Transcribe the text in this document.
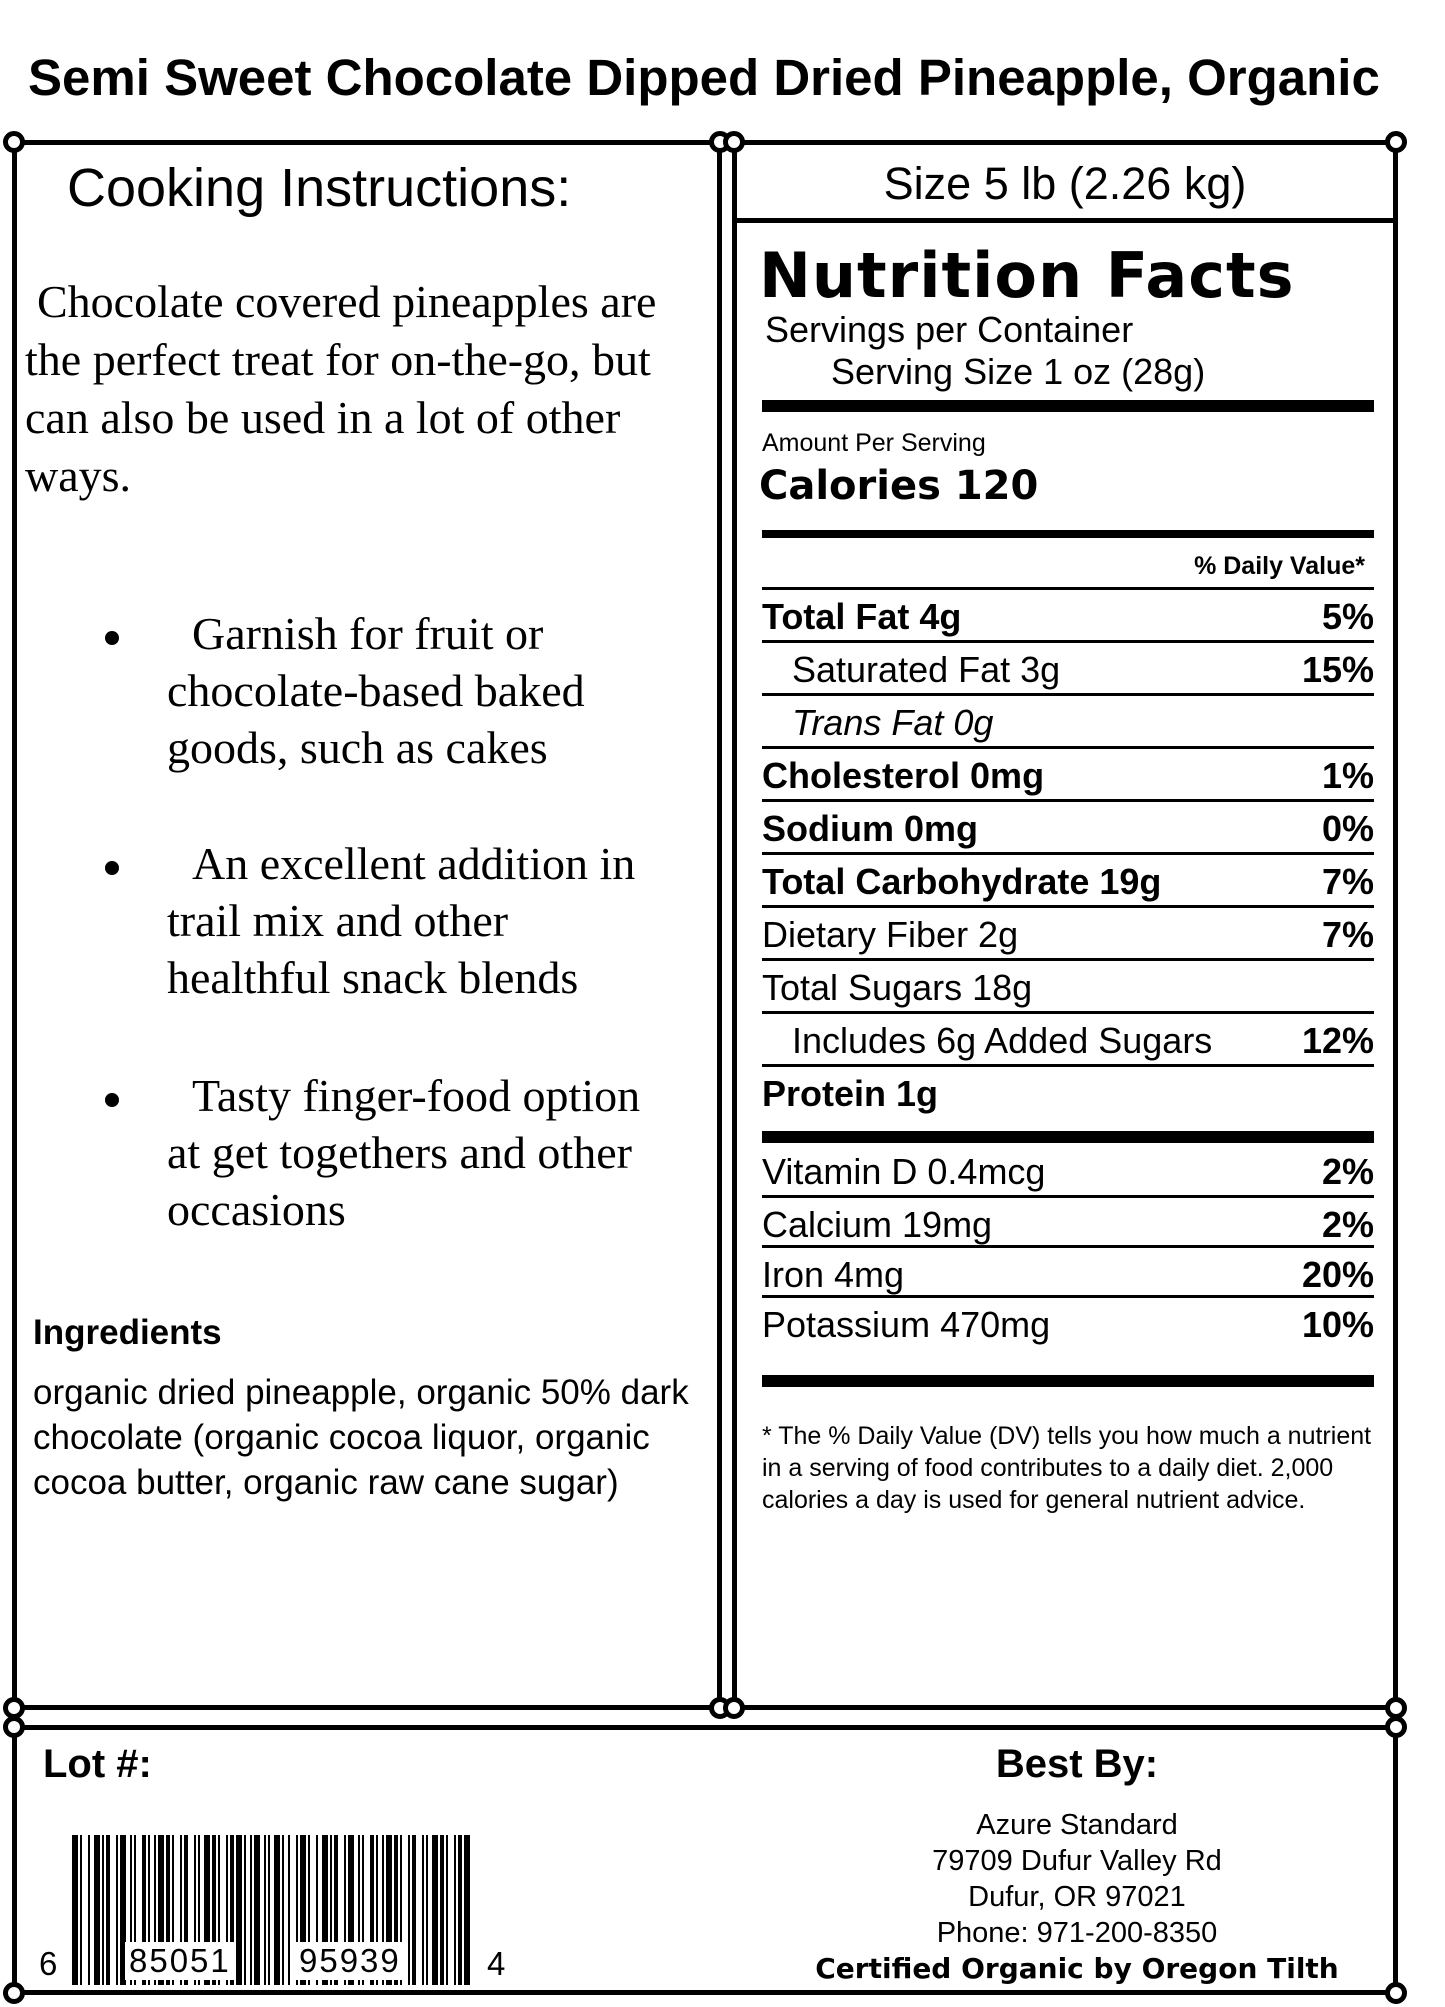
Semi Sweet Chocolate Dipped Dried Pineapple, Organic
Cooking Instructions:
Chocolate covered pineapples are
the perfect treat for on-the-go, but
can also be used in a lot of other
ways.
Garnish for fruit or
chocolate-based baked
goods, such as cakes
An excellent addition in
trail mix and other
healthful snack blends
Tasty finger-food option
at get togethers and other
occasions
Ingredients
organic dried pineapple, organic 50% dark chocolate (organic cocoa liquor, organic cocoa butter, organic raw cane sugar)
Size 5 lb (2.26 kg)
Nutrition Facts
Servings per Container
Serving Size 1 oz (28g)
Amount Per Serving
Calories 120
% Daily Value*
Total Fat 4g	5%
Saturated Fat 3g	15%
Trans Fat 0g
Cholesterol 0mg	1%
Sodium 0mg	0%
Total Carbohydrate 19g	7%
Dietary Fiber 2g	7%
Total Sugars 18g
Includes 6g Added Sugars 12%
Protein 1g
Vitamin D 0.4mcg	2%
Calcium 19mg	2%
Iron 4mg	20%
Potassium 470mg	10%
* The % Daily Value (DV) tells you how much a nutrient in a serving of food contributes to a daily diet. 2,000 calories a day is used for general nutrient advice.
Lot #:
6 85051 95939	4
Best By:
Azure Standard
79709 Dufur Valley Rd
Dufur, OR 97021
Phone: 971-200-8350
Certified Organic by Oregon Tilth
